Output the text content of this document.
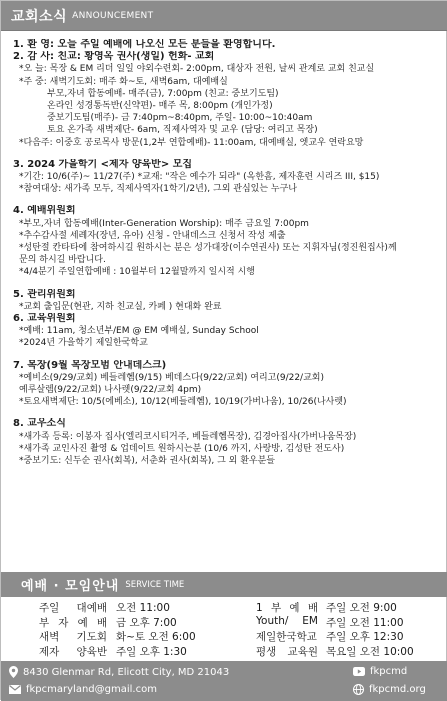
교회소식 ANNOUNCEMENT
1. 환 영: 오늘 주일 예배에 나오신 모든 분들을 환영합니다.
2. 감 사: 친교: 황영옥 권사(생일) 헌화- 교회
*오 늘: 목장 & EM 리더 일일 야외수련회- 2:00pm, 대상자 전원, 날씨 관계로 교회 친교실
*주 중: 새벽기도회: 매주 화~토, 새벽6am, 대예배실
부모,자녀 합동예배- 매주(금), 7:00pm (친교: 중보기도팀)
온라인 성경통독반(신약편)- 매주 목, 8:00pm (개인가정)
중보기도팀(매주)- 금 7:40pm~8:40pm, 주일- 10:00~10:40am
토요 온가족 새벽제단- 6am, 직제사역자 및 교우 (담당: 여리고 목장)
*다음주: 이중호 공로목사 방문(1,2부 연합예배)- 11:00am, 대예배실, 엣교우 연락요망
3. 2024 가을학기 <제자 양육반> 모집
*기간: 10/6(주)~ 11/27(주) *교재: "작은 예수가 되라" (옥한흠, 제자훈련 시리즈 III, $15)
*참여대상: 새가족 모두, 직제사역자(1학기/2년), 그외 관심있는 누구나
4. 예배위원회
*부모,자녀 합동예배(Inter-Generation Worship): 매주 금요일 7:00pm
*추수감사절 세례자(장년, 유아) 신청 - 안내데스크 신청서 작성 제출
*성탄절 칸타타에 참여하시길 원하시는 분은 성가대장(이수연권사) 또는 지휘자님(정진원집사)께
문의 하시길 바랍니다.
*4/4분기 주일연합예배 : 10월부터 12월말까지 일시적 시행
5. 관리위원회
*교회 출입문(현관, 지하 친교실, 카페 ) 현대화 완료
6. 교육위원회
*예배: 11am, 청소년부/EM @ EM 예배실, Sunday School
*2024년 가을학기 제일한국학교
7. 목장(9월 목장모범 안내데스크)
*예비소(9/29/교회) 베들레헴(9/15) 베데스다(9/22/교회) 여리고(9/22/교회)
예루살렘(9/22/교회) 나사렛(9/22/교회 4pm)
*토요새벽제단: 10/5(에베소), 10/12(베들레헴), 10/19(가버나움), 10/26(나사렛)
8. 교우소식
*새가족 등록: 이봉자 집사(엘리코시티거주, 베들레헴목장), 김경아집사(가버나움목장)
*새가족 교인사진 촬영 & 업데이트 원하시는분 (10/6 까지, 사랑방, 김성탄 전도사)
*중보기도: 신두순 권사(회복), 서춘화 권사(회복), 그 외 환우분들
예배 · 모임안내 SERVICE TIME
주일 대예배 오전 11:00	1 부 예 배 주일 오전 9:00
부 자 예 배 금 오후 7:00	Youth/ EM 주일 오전 11:00
새벽 기도회 화~토 오전 6:00	제일한국학교 주일 오후 12:30
제자 양육반 주일 오후 1:30	평생 교육원 목요일 오전 10:00
8430 Glenmar Rd, Elicott City, MD 21043
fkpcmaryland@gmail.com
fkpcmd
fkpcmd.org
